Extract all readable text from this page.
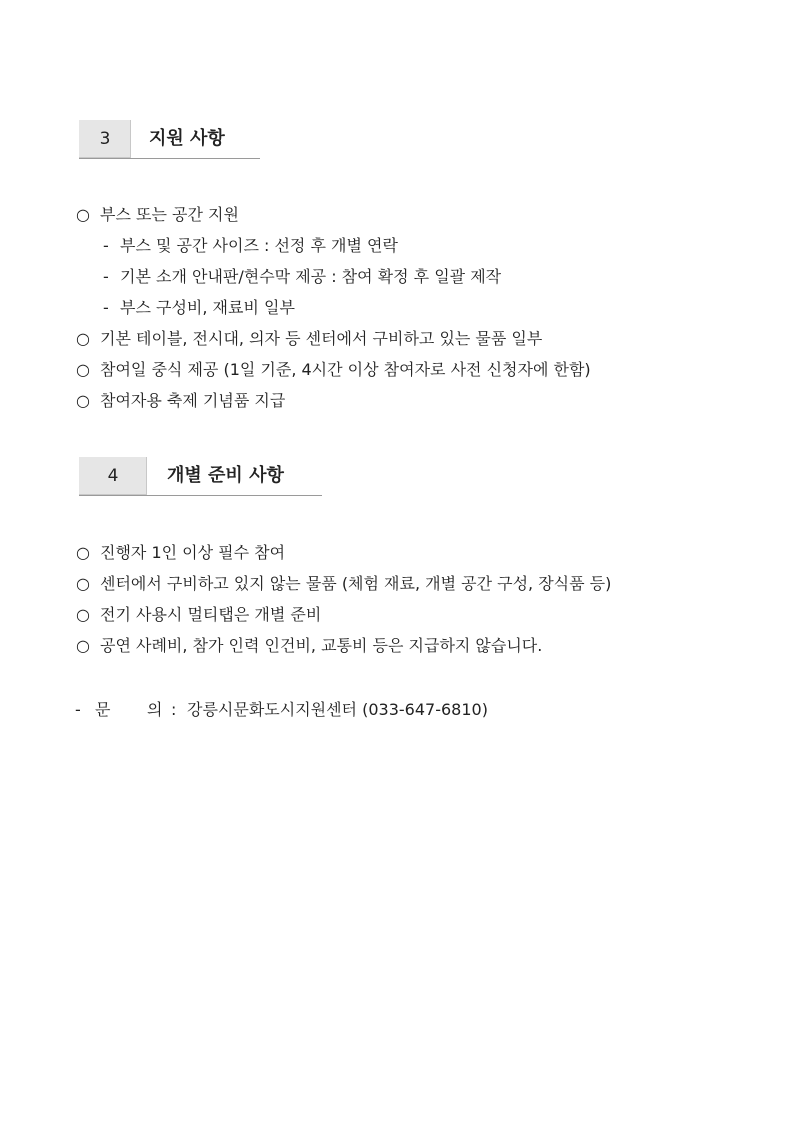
3	지원 사항
○ 부스 또는 공간 지원
- 부스 및 공간 사이즈 : 선정 후 개별 연락
- 기본 소개 안내판/현수막 제공 : 참여 확정 후 일괄 제작
- 부스 구성비, 재료비 일부
○ 기본 테이블, 전시대, 의자 등 센터에서 구비하고 있는 물품 일부
○ 참여일 중식 제공 (1일 기준, 4시간 이상 참여자로 사전 신청자에 한함)
○ 참여자용 축제 기념품 지급
4	개별 준비 사항
○ 진행자 1인 이상 필수 참여
○ 센터에서 구비하고 있지 않는 물품 (체험 재료, 개별 공간 구성, 장식품 등)
○ 전기 사용시 멀티탭은 개별 준비
○ 공연 사례비, 참가 인력 인건비, 교통비 등은 지급하지 않습니다.
- 문 의 : 강릉시문화도시지원센터 (033-647-6810)
